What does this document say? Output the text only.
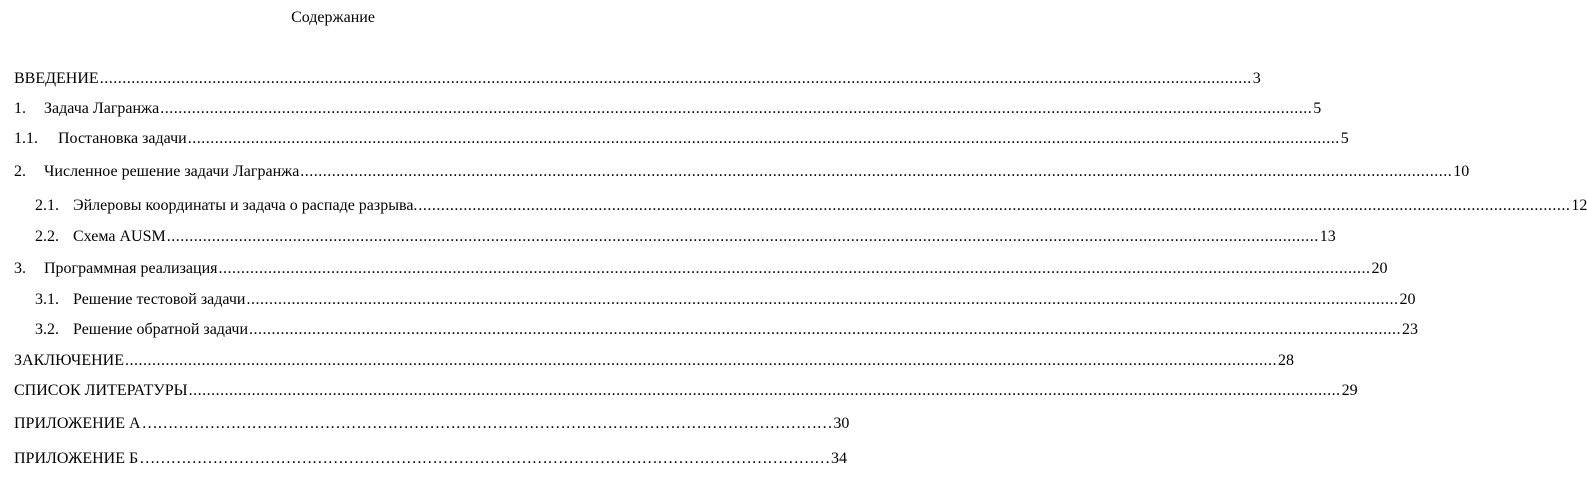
Содержание
ВВЕДЕНИЕ ................................................................................................................................................................................................................................................................ 3
1.	Задача Лагранжа ................................................................................................................................................................................................................................................................ 5
1.1.	Постановка задачи ................................................................................................................................................................................................................................................................ 5
2.	Численное решение задачи Лагранжа ................................................................................................................................................................................................................................................................ 10
2.1. Эйлеровы координаты и задача о распаде разрыва. ................................................................................................................................................................................................................................................................ 12
2.2. Схема AUSM ................................................................................................................................................................................................................................................................ 13
3.	Программная реализация ................................................................................................................................................................................................................................................................ 20
3.1. Решение тестовой задачи ................................................................................................................................................................................................................................................................ 20
3.2. Решение обратной задачи ................................................................................................................................................................................................................................................................ 23
ЗАКЛЮЧЕНИЕ ................................................................................................................................................................................................................................................................ 28
СПИСОК ЛИТЕРАТУРЫ ................................................................................................................................................................................................................................................................ 29
ПРИЛОЖЕНИЕ А …………………………………………………………………………………………………………………… 30
ПРИЛОЖЕНИЕ Б …………………………………………………………………………………………………………………… 34
